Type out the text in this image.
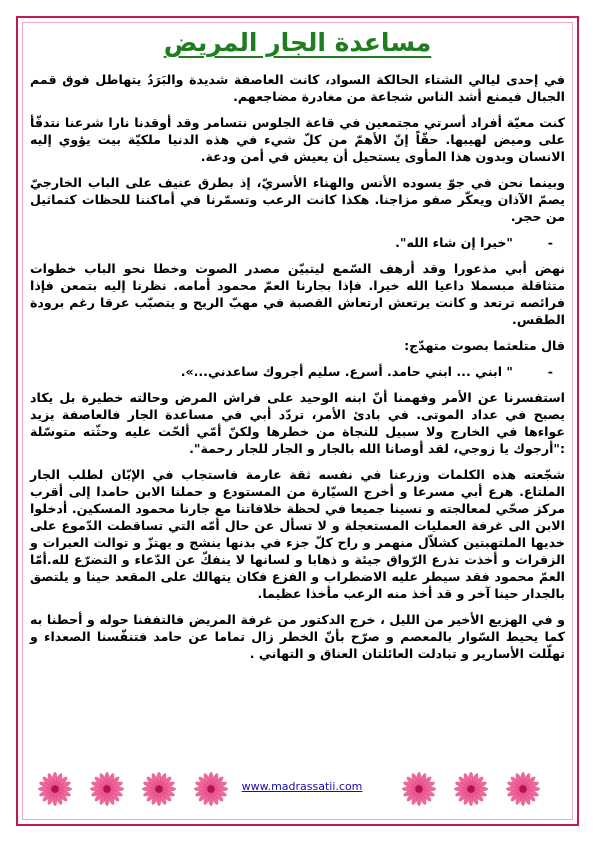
مساعدة الجار المريض

في إحدى ليالي الشتاء الحالكة السواد، كانت العاصفة شديدة والبَرَدُ يتهاطل فوق قمم الجبال فيمنع أشد الناس شجاعة من مغادرة مضاجعهم.

كنت معيّة أفراد أسرتي مجتمعين في قاعة الجلوس نتسامر وقد أوقدنا نارا شرعنا نتدفّأ على وميض لهيبها. حقّاً إنّ الأهمّ من كلّ شيء في هذه الدنيا ملكيّة بيت يؤوي إليه الانسان وبدون هذا المأوى يستحيل أن يعيش في أمن ودعة.

وبينما نحن في جوّ يسوده الأنس والهناء الأسريّ، إذ بطرق عنيف على الباب الخارجيّ يصمّ الآذان ويعكّر صفو مزاجنا. هكذا كانت الرعب وتسمّرنا في أماكننا للحظات كتماثيل من حجر.

-"خيرا إن شاء الله".

نهض أبي مذعورا وقد أرهف السّمع ليتبيّن مصدر الصوت وخطا نحو الباب خطوات متثاقلة مبسملا داعيا الله خيرا. فإذا بجارنا العمّ محمود أمامه. نظرنا إليه بتمعن فإذا فرائصه ترتعد و كانت يرتعش ارتعاش القصبة في مهبّ الريح و يتصبّب عرقا رغم برودة الطقس.

قال متلعثما بصوت متهدّج:

-" ابني ... ابني حامد. أسرع. سليم أجروك ساعدني...».

استفسرنا عن الأمر وفهمنا أنّ ابنه الوحيد على فراش المرض وحالته خطيرة بل يكاد يصبح في عداد الموتى. في بادئ الأمر، تردّد أبي في مساعدة الجار فالعاصفة يزيد عواءها في الخارج ولا سبيل للنجاة من خطرها ولكنّ أمّي ألحّت عليه وحثّته متوسّلة :"أرجوك يا زوجي، لقد أوصانا الله بالجار و الجار للجار رحمة".

شجّعته هذه الكلمات وزرعنا في نفسه ثقة عارمة فاستجاب في الإبّان لطلب الجار الملتاع. هرع أبي مسرعا و أخرج السيّارة من المستودع و حملنا الابن حامدا إلى أقرب مركز صحّي لمعالجته و نسينا جميعا في لحظة خلافاتنا مع جارنا محمود المسكين. أدخلوا الابن الى غرفة العمليات المستعجلة و لا تسأل عن حال أمّه التي تساقطت الدّموع على خديها الملتهبتين كشلاّل منهمر و راح كلّ جزء في بدنها ينشج و يهتزّ و توالت العبرات و الزفرات و أخذت تذرع الرّواق جيئة و ذهابا و لسانها لا ينفكّ عن الدّعاء و التضرّع لله.أمّا العمّ محمود فقد سيطر عليه الاضطراب و الفزع فكان يتهالك على المقعد حينا و يلتصق بالجدار حينا آخر و قد أخذ منه الرعب مأخذا عظيما.

و في الهزيع الأخير من الليل ، خرج الدكتور من غرفة المريض فالتففنا حوله و أحطنا به كما يحيط السّوار بالمعصم و صرّح بأنّ الخطر زال تماما عن حامد فتنفّسنا الصعداء و تهلّلت الأسارير و تبادلت العائلتان العناق و التهاني .

www.madrassatii.com
